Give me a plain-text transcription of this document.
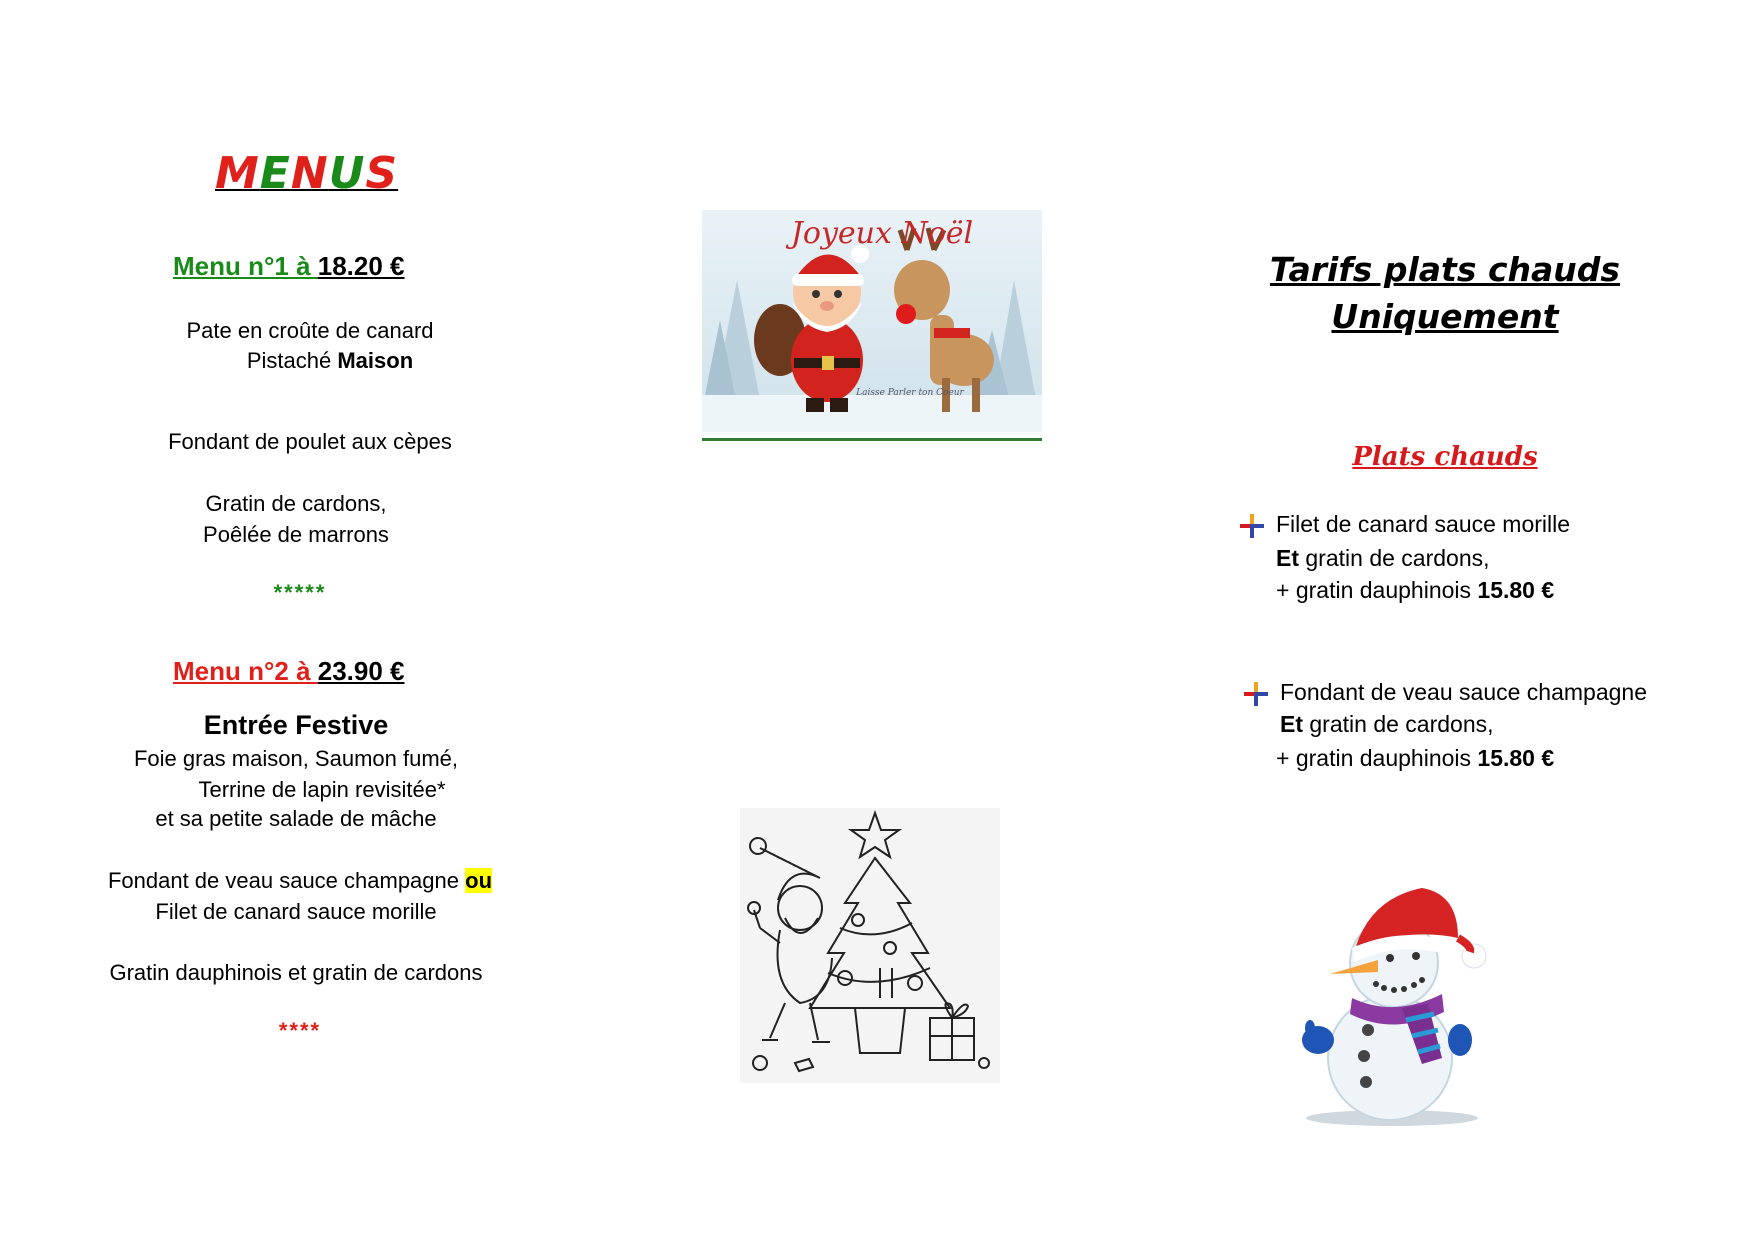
MENUS
Menu n°1 à 18.20 €
Pate en croûte de canard
Pistaché Maison
Fondant de poulet aux cèpes
Gratin de cardons,
Poêlée de marrons
*****
Menu n°2 à 23.90 €
Entrée Festive
Foie gras maison, Saumon fumé,
Terrine de lapin revisitée*
et sa petite salade de mâche
Fondant de veau sauce champagne ou
Filet de canard sauce morille
Gratin dauphinois et gratin de cardons
****
Joyeux Noël
Laisse Parler ton Coeur
Tarifs plats chauds
Uniquement
Plats chauds
Filet de canard sauce morille
Et gratin de cardons,
+ gratin dauphinois 15.80 €
Fondant de veau sauce champagne
Et gratin de cardons,
+ gratin dauphinois 15.80 €
